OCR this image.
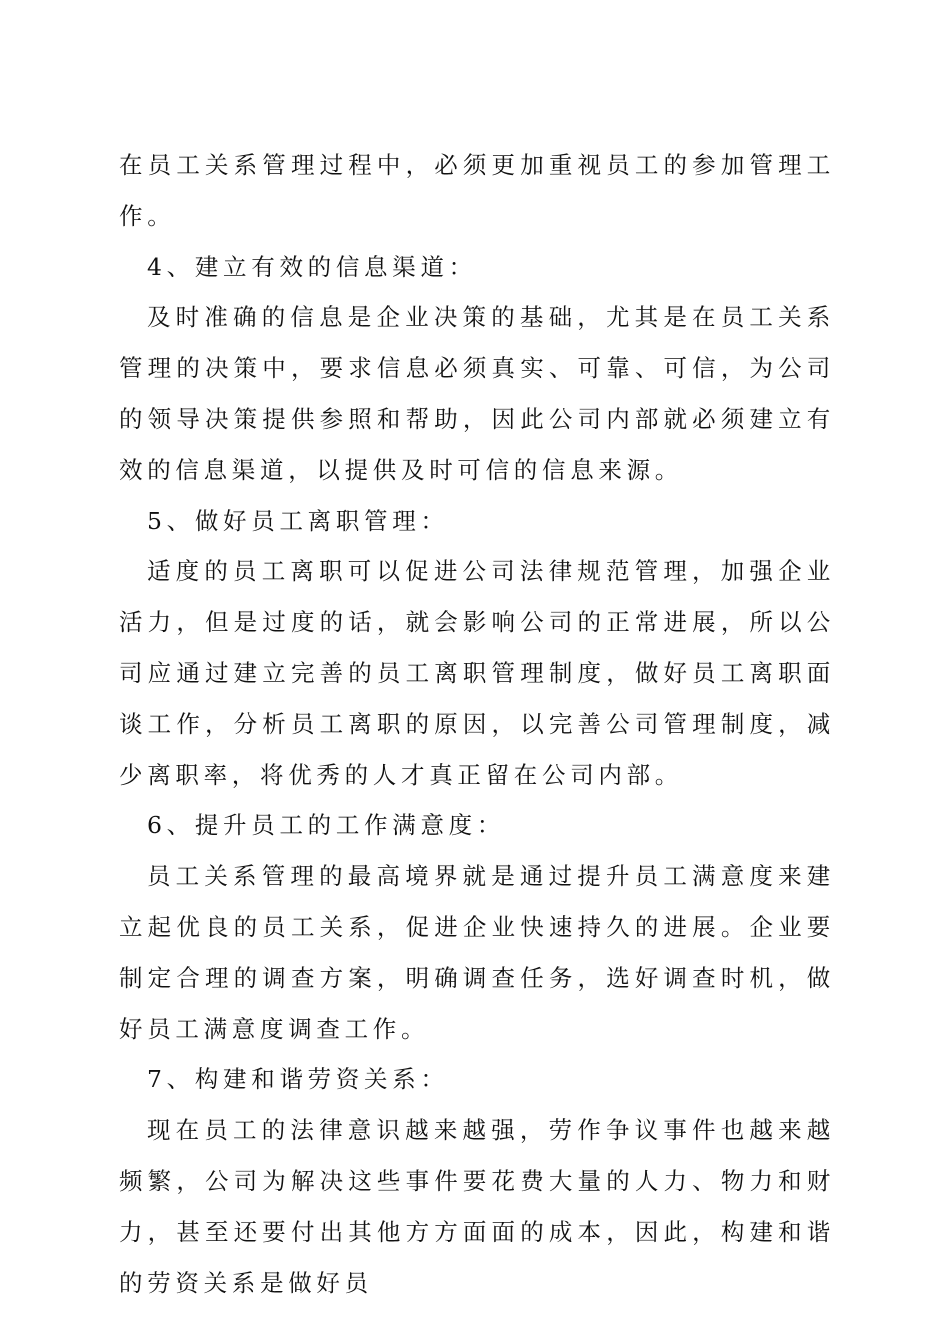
在员工关系管理过程中，必须更加重视员工的参加管理工作。

4、建立有效的信息渠道：

及时准确的信息是企业决策的基础，尤其是在员工关系管理的决策中，要求信息必须真实、可靠、可信，为公司的领导决策提供参照和帮助，因此公司内部就必须建立有效的信息渠道，以提供及时可信的信息来源。

5、做好员工离职管理：

适度的员工离职可以促进公司法律规范管理，加强企业活力，但是过度的话，就会影响公司的正常进展，所以公司应通过建立完善的员工离职管理制度，做好员工离职面谈工作，分析员工离职的原因，以完善公司管理制度，减少离职率，将优秀的人才真正留在公司内部。

6、提升员工的工作满意度：

员工关系管理的最高境界就是通过提升员工满意度来建立起优良的员工关系，促进企业快速持久的进展。企业要制定合理的调查方案，明确调查任务，选好调查时机，做好员工满意度调查工作。

7、构建和谐劳资关系：

现在员工的法律意识越来越强，劳作争议事件也越来越频繁，公司为解决这些事件要花费大量的人力、物力和财力，甚至还要付出其他方方面面的成本，因此，构建和谐的劳资关系是做好员
